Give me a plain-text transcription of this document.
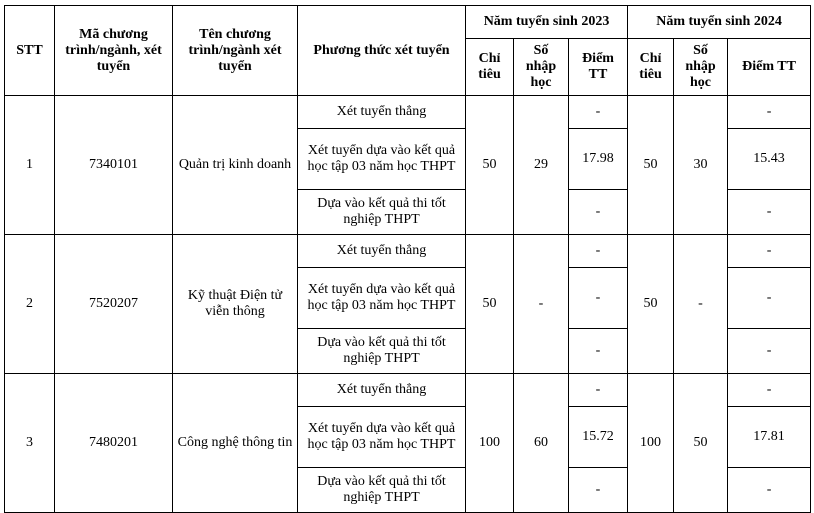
STT	Mã chương trình/ngành, xét tuyển	Tên chương trình/ngành xét tuyển	Phương thức xét tuyển	Năm tuyển sinh 2023			Năm tuyển sinh 2024		
				Chỉ tiêu	Số nhập học	Điểm TT	Chỉ tiêu	Số nhập học	Điểm TT
1	7340101	Quản trị kinh doanh	Xét tuyển thẳng	50	29	-	50	30	-
			Xét tuyển dựa vào kết quả học tập 03 năm học THPT			17.98			15.43
			Dựa vào kết quả thi tốt nghiệp THPT			-			-
2	7520207	Kỹ thuật Điện tử viễn thông	Xét tuyển thẳng	50	-	-	50	-	-
			Xét tuyển dựa vào kết quả học tập 03 năm học THPT			-			-
			Dựa vào kết quả thi tốt nghiệp THPT			-			-
3	7480201	Công nghệ thông tin	Xét tuyển thẳng	100	60	-	100	50	-
			Xét tuyển dựa vào kết quả học tập 03 năm học THPT			15.72			17.81
			Dựa vào kết quả thi tốt nghiệp THPT			-			-
